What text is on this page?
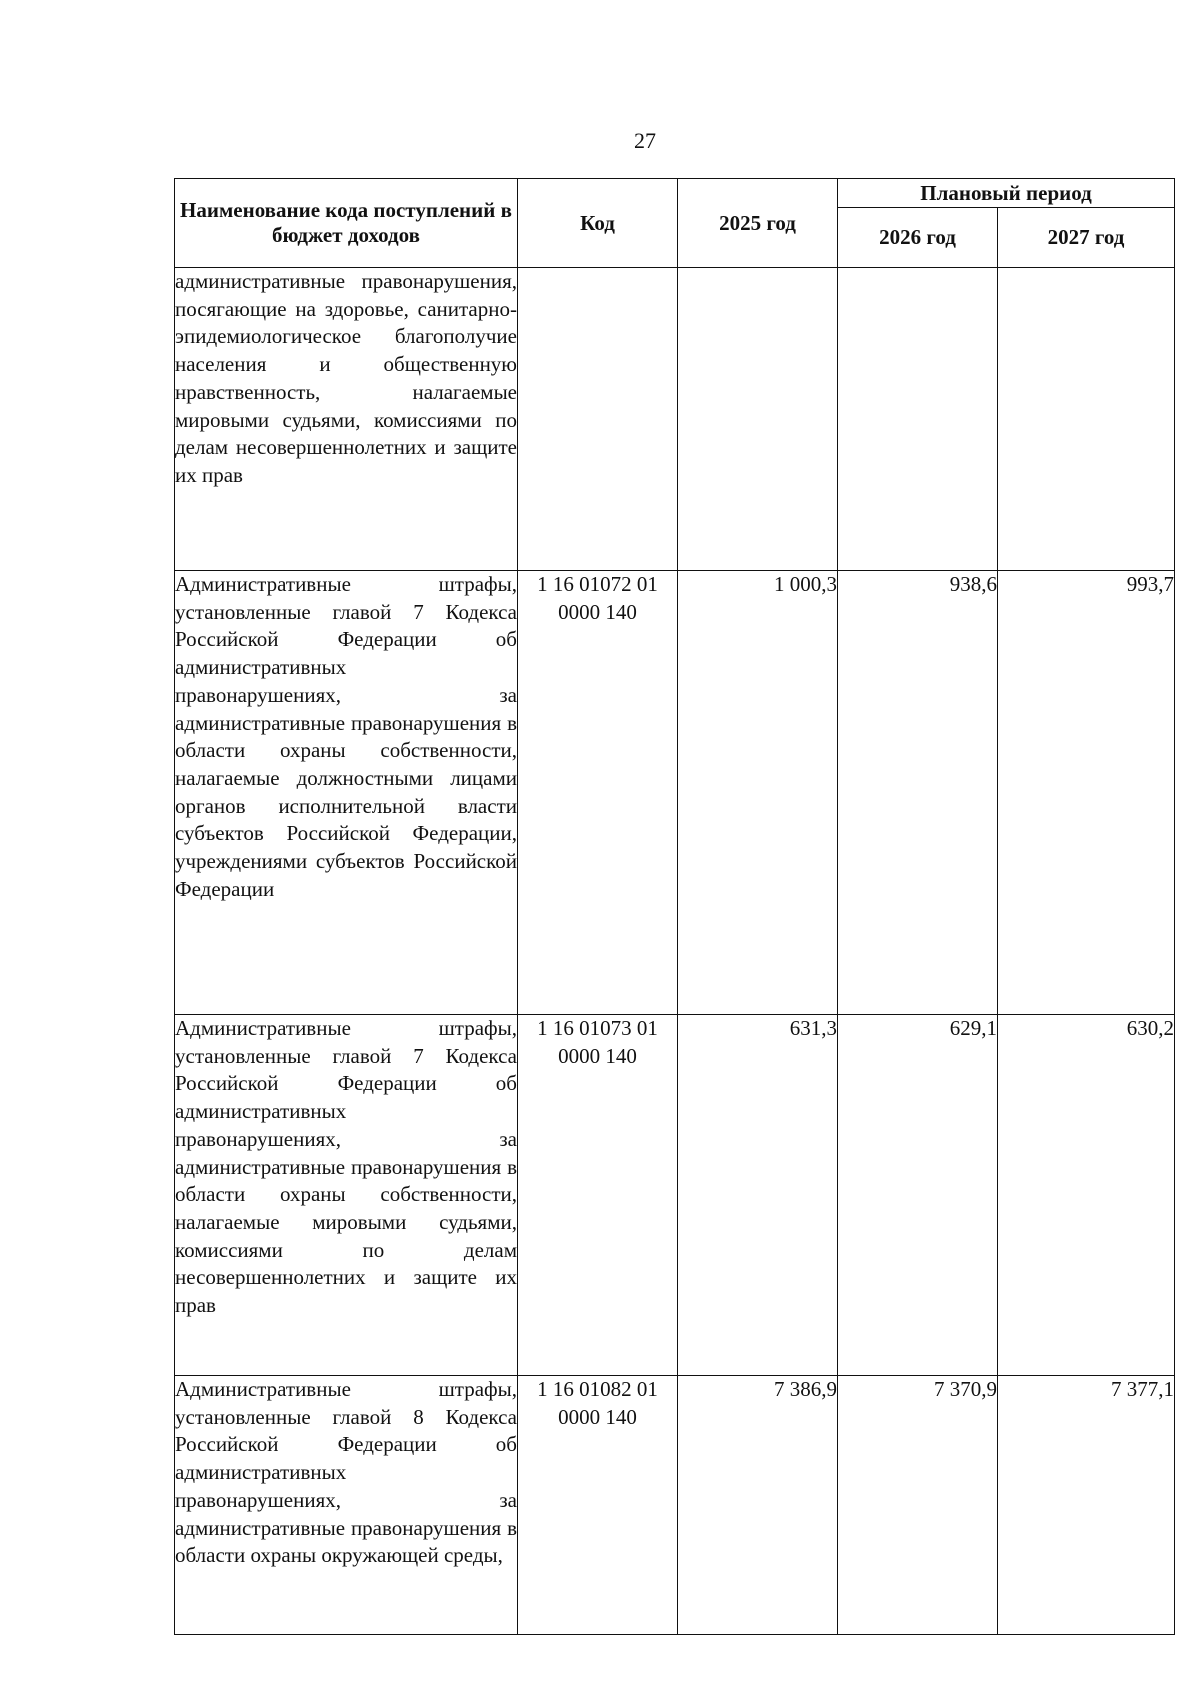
27
Наименование кода поступлений в бюджет доходов	Код	2025 год	Плановый период	
			2026 год	2027 год
административные правонарушения, посягающие на здоровье, санитарно-эпидемиологическое благополучие населения и общественную нравственность, налагаемые мировыми судьями, комиссиями по делам несовершеннолетних и защите их прав				
Административные штрафы, установленные главой 7 Кодекса Российской Федерации об административных правонарушениях, за административные правонарушения в области охраны собственности, налагаемые должностными лицами органов исполнительной власти субъектов Российской Федерации, учреждениями субъектов Российской Федерации	1 16 01072 01 0000 140	1 000,3	938,6	993,7
Административные штрафы, установленные главой 7 Кодекса Российской Федерации об административных правонарушениях, за административные правонарушения в области охраны собственности, налагаемые мировыми судьями, комиссиями по делам несовершеннолетних и защите их прав	1 16 01073 01 0000 140	631,3	629,1	630,2
Административные штрафы, установленные главой 8 Кодекса Российской Федерации об административных правонарушениях, за административные правонарушения в области охраны окружающей среды,	1 16 01082 01 0000 140	7 386,9	7 370,9	7 377,1
